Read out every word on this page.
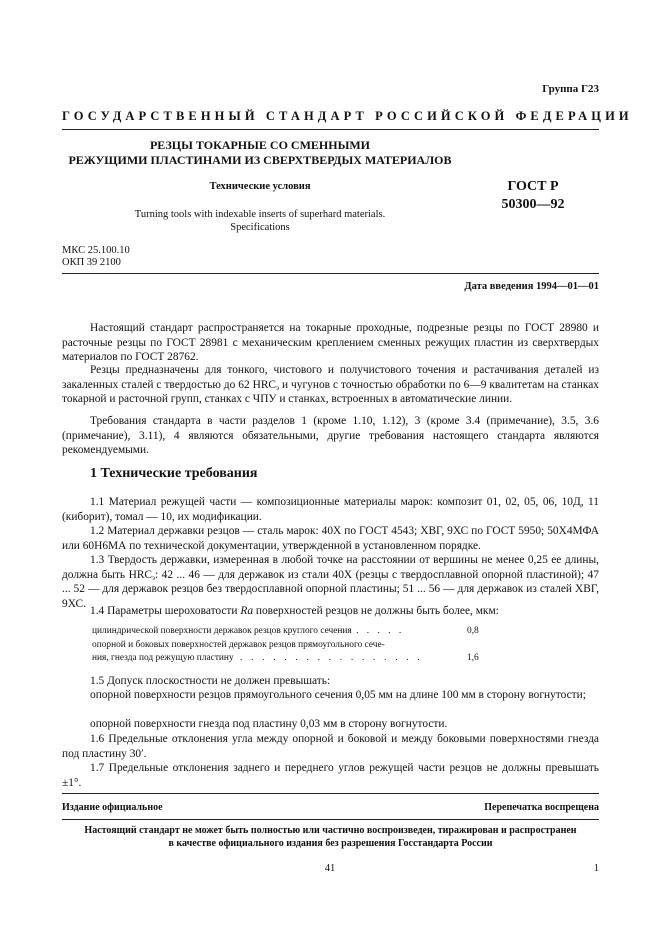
Группа Г23
ГОСУДАРСТВЕННЫЙ СТАНДАРТ РОССИЙСКОЙ ФЕДЕРАЦИИ
РЕЗЦЫ ТОКАРНЫЕ СО СМЕННЫМИ
РЕЖУЩИМИ ПЛАСТИНАМИ ИЗ СВЕРХТВЕРДЫХ МАТЕРИАЛОВ
Технические условия
Turning tools with indexable inserts of superhard materials.
Specifications
ГОСТ Р
50300—92
МКС 25.100.10
ОКП 39 2100
Дата введения 1994—01—01
Настоящий стандарт распространяется на токарные проходные, подрезные резцы по ГОСТ 28980 и расточные резцы по ГОСТ 28981 с механическим креплением сменных режущих пластин из сверхтвердых материалов по ГОСТ 28762.
Резцы предназначены для тонкого, чистового и получистового точения и растачивания деталей из закаленных сталей с твердостью до 62 $HRC_э$ и чугунов с точностью обработки по 6—9 квалитетам на станках токарной и расточной групп, станках с ЧПУ и станках, встроенных в автоматические линии.
Требования стандарта в части разделов 1 (кроме 1.10, 1.12), 3 (кроме 3.4 (примечание), 3.5, 3.6 (примечание), 3.11), 4 являются обязательными, другие требования настоящего стандарта являются рекомендуемыми.
1 Технические требования
1.1 Материал режущей части — композиционные материалы марок: композит 01, 02, 05, 06, 10Д, 11 (киборит), томал — 10, их модификации.
1.2 Материал державки резцов — сталь марок: 40Х по ГОСТ 4543; ХВГ, 9ХС по ГОСТ 5950; 50Х4МФА или 60Н6МА по технической документации, утвержденной в установленном порядке.
1.3 Твердость державки, измеренная в любой точке на расстоянии от вершины не менее 0,25 ее длины, должна быть $HRC_э$: 42 ... 46 — для державок из стали 40Х (резцы с твердосплавной опорной пластиной); 47 ... 52 — для державок резцов без твердосплавной опорной пластины; 51 ... 56 — для державок из сталей ХВГ, 9ХС.
1.4 Параметры шероховатости Ra поверхностей резцов не должны быть более, мкм:
цилиндрической поверхности державок резцов круглого сечения . . . . .	0,8
опорной и боковых поверхностей державок резцов прямоугольного сече-
ния, гнезда под режущую пластину . . . . . . . . . . . . . . . . .	1,6
1.5 Допуск плоскостности не должен превышать:
опорной поверхности резцов прямоугольного сечения 0,05 мм на длине 100 мм в сторону вогнутости;
опорной поверхности гнезда под пластину 0,03 мм в сторону вогнутости.
1.6 Предельные отклонения угла между опорной и боковой и между боковыми поверхностями гнезда под пластину 30′.
1.7 Предельные отклонения заднего и переднего углов режущей части резцов не должны превышать ±1°.
Издание официальное	Перепечатка воспрещена
Настоящий стандарт не может быть полностью или частично воспроизведен, тиражирован и распространен
в качестве официального издания без разрешения Госстандарта России
41	1
